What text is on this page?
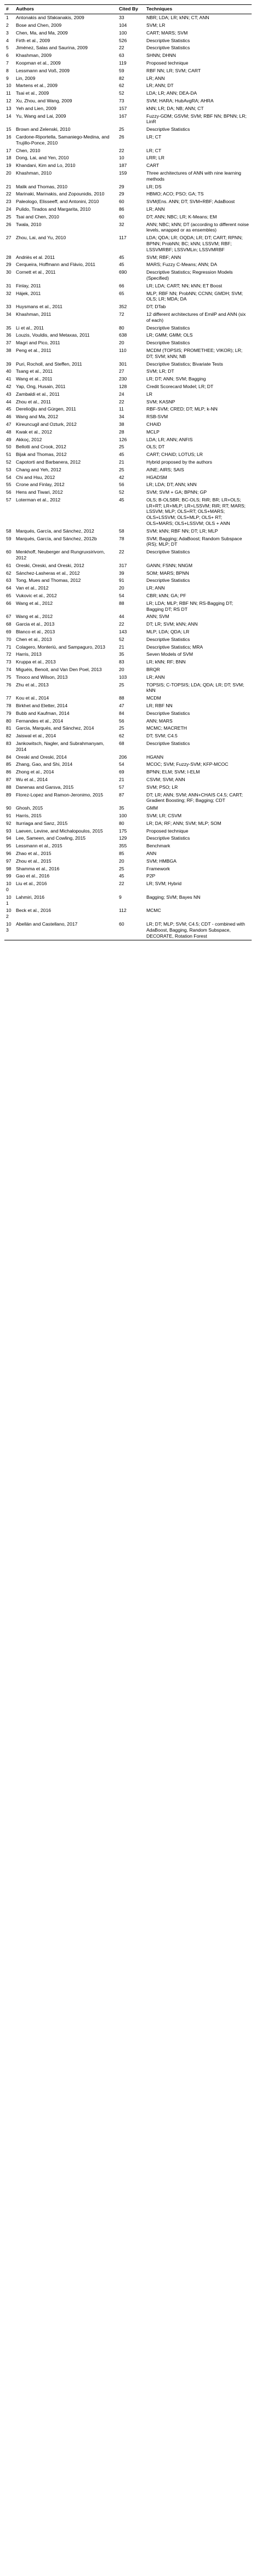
#	Authors	Cited By	Techniques
1	Antonakis and Sfakianakis, 2009	33	NBR; LDA; LR; kNN; CT; ANN
2	Bose and Chen, 2009	104	SVM; LR
3	Chen, Ma, and Ma, 2009	100	CART; MARS; SVM
4	Firth et al., 2009	526	Descriptive Statistics
5	Jiménez, Salas and Saurina, 2009	22	Descriptive Statistics
6	Khashman, 2009	63	SHNN; DHNN
7	Koopman et al., 2009	119	Proposed technique
8	Lessmann and Voß, 2009	59	RBF NN; LR; SVM; CART
9	Lin, 2009	82	LR; ANN
10	Martens et al., 2009	62	LR; ANN; DT
11	Tsai et al., 2009	52	LDA; LR; ANN; DEA-DA
12	Xu, Zhou, and Wang, 2009	73	SVM; HARA; HubAvgRA; AHRA
13	Yeh and Lien, 2009	157	kNN; LR; DA; NB; ANN; CT
14	Yu, Wang and Lai, 2009	167	Fuzzy-GDM; GSVM; SVM; RBF NN; BPNN; LR; LinR
15	Brown and Zelenski, 2010	25	Descriptive Statistics
16	Cardone-Riportella, Samaniego-Medina, and Trujillo-Ponce, 2010	26	LR; CT
17	Chen, 2010	22	LR; CT
18	Dong, Lai, and Yen, 2010	10	LRR; LR
19	Khandani, Kim and Lo, 2010	187	CART
20	Khashman, 2010	159	Three architectures of ANN with nine learning methods
21	Malik and Thomas, 2010	29	LR; DS
22	Marinaki, Marinakis, and Zopounidis, 2010	29	HBMO; ACO; PSO; GA; TS
23	Paleologo, Elisseeff, and Antonini, 2010	60	SVM(Ens. ANN; DT; SVM+RBF; AdaBoost
24	Pulido, Tirados and Margarita, 2010	86	LR; ANN
25	Tsai and Chen, 2010	60	DT; ANN; NBC; LR; K-Means; EM
26	Twala, 2010	32	ANN; NBC; kNN; DT (according to different noise levels, wrapped or as ensembles)
27	Zhou, Lai, and Yu, 2010	117	LDA; QDA; LR; OQDA; LR; DT; CART; RPNN; BPNN; ProbNN; BC; kNN; LSSVM; RBF; LSSVMRBF; LSSVMLin; LSSVMRBF
28	Andriès et al. 2011	45	SVM; RBF; ANN
29	Cerqueira, Hoffmann and Flávio, 2011	45	MARS; Fuzzy C-Means; ANN; DA
30	Cornett et al., 2011	690	Descriptive Statistics; Regression Models (Specified)
31	Finlay, 2011	66	LR; LDA; CART; NN; kNN; ET Boost
32	Hájek, 2011	65	MLP; RBF NN; ProbNN; CCNN; GMDH; SVM; OLS; LR; MDA; DA
33	Huysmans et al., 2011	352	DT; DTab
34	Khashman, 2011	72	12 different architectures of EmilP and ANN (six of each)
35	Li et al., 2011	80	Descriptive Statistics
36	Louzis, Vouldis, and Metaxas, 2011	638	LR; GMM; GMM; OLS
37	Magri and Pico, 2011	20	Descriptive Statistics
38	Peng et al., 2011	110	MCDM (TOPSIS; PROMETHEE; VIKOR); LR; DT; SVM; kNN; NB
39	Puri, Rocholl, and Steffen, 2011	301	Descriptive Statistics; Bivariate Tests
40	Tsang et al., 2011	27	SVM; LR; DT
41	Wang et al., 2011	230	LR; DT; ANN; SVM; Bagging
42	Yap, Ong, Husain, 2011	128	Credit Scorecard Model; LR; DT
43	Zambaldi et al., 2011	24	LR
44	Zhou et al., 2011	22	SVM; KASNP
45	Derelioğlu and Gürgen, 2011	11	RBF-SVM; CRED; DT; MLP; k-NN
46	Wang and Ma, 2012	34	RSB-SVM
47	Kireuncugil and Ozturk, 2012	38	CHAID
48	Kwak et al., 2012	28	MCLP
49	Akkoç, 2012	126	LDA; LR; ANN; ANFIS
50	Bellotti and Crook, 2012	25	OLS; DT
51	Bijak and Thomas, 2012	45	CART; CHAID; LOTUS; LR
52	Capotorti and Barbanera, 2012	21	Hybrid proposed by the authors
53	Chang and Yeh, 2012	25	AINE; AIRS; SAIS
54	Chi and Hsu, 2012	42	HGADSM
55	Crone and Finlay, 2012	56	LR; LDA; DT; ANN; kNN
56	Hens and Tiwari, 2012	52	SVM; SVM + GA; BPNN; GP
57	Loterman et al., 2012	45	OLS; B-OLSBR; BC-OLS; RiR; BR; LR+OLS; LR+RT; LR+MLP; LR+LSSVM; RiR; RT; MARS; LSSVM; MLP; OLS+RT; OLS+MARS; OLS+LSSVM; OLS+MLP; OLS+ RT; OLS+MARS; OLS+LSSVM; OLS + ANN
58	Marqués, García, and Sánchez, 2012	58	SVM; kNN; RBF NN; DT; LR; MLP
59	Marqués, García, and Sánchez, 2012b	78	SVM; Bagging; AdaBoost; Random Subspace (RS); MLP; DT
60	Menkhoff, Neuberger and Rungruxsirivorn, 2012	22	Descriptive Statistics
61	Oreski, Oreski, and Oreski, 2012	317	GANN; FSNN; NNGM
62	Sánchez-Lasheras et al., 2012	39	SOM; MARS; BPNN
63	Tong, Mues and Thomas, 2012	91	Descriptive Statistics
64	Van et al., 2012	20	LR; ANN
65	Vukovic et al., 2012	54	CBR; kNN; GA; PF
66	Wang et al., 2012	88	LR; LDA; MLP; RBF NN; RS-Bagging DT; Bagging DT; RS DT
67	Wang et al., 2012	44	ANN; SVM
68	Garcia et al., 2013	22	DT; LR; SVM; kNN; ANN
69	Blanco et al., 2013	143	MLP; LDA; QDA; LR
70	Chen et al., 2013	52	Descriptive Statistics
71	Colagero, Monteriù, and Sampaguro, 2013	21	Descriptive Statistics; MRA
72	Harris, 2013	35	Seven Models of SVM
73	Kruppa et al., 2013	83	LR; kNN; RF; BNN
74	Miguéis, Benoit, and Van Den Poel, 2013	20	BRQR
75	Tinoco and Wilson, 2013	103	LR; ANN
76	Zhu et al., 2013	25	TOPSIS; C-TOPSIS; LDA; QDA; LR; DT; SVM; kNN
77	Kou et al., 2014	88	MCDM
78	Birkhet and Eletter, 2014	47	LR; RBF NN
79	Bubb and Kaufman, 2014	84	Descriptive Statistics
80	Fernandes et al., 2014	56	ANN; MARS
81	Garcia, Marqués, and Sánchez, 2014	25	MCMC; MACRETH
82	Jaiswal et al., 2014	62	DT; SVM; C4.5
83	Jankowitsch, Nagler, and Subrahmanyam, 2014	68	Descriptive Statistics
84	Oreski and Oreski, 2014	206	HGANN
85	Zhang, Gao, and Shi, 2014	54	MCOC; SVM; Fuzzy-SVM; KFP-MCOC
86	Zhong et al., 2014	69	BPNN; ELM; SVM; I-ELM
87	Wu et al., 2014	21	CSVM; SVM; ANN
88	Danenas and Garsva, 2015	57	SVM; PSO; LR
89	Florez-Lopez and Ramon-Jeronimo, 2015	87	DT; LR; ANN; SVM; ANN+CHAIS C4.5; CART; Gradient Boosting; RF; Bagging; CDT
90	Ghosh, 2015	35	GMM
91	Harris, 2015	100	SVM; LR; CSVM
92	Iturriaga and Sanz, 2015	80	LR; DA; RF; ANN; SVM; MLP; SOM
93	Laeven, Levine, and Michalopoulos, 2015	175	Proposed technique
94	Lee, Sameen, and Cowling, 2015	129	Descriptive Statistics
95	Lessmann et al., 2015	355	Benchmark
96	Zhao et al., 2015	85	ANN
97	Zhou et al., 2015	20	SVM; HMBGA
98	Shamma et al., 2016	25	Framework
99	Gao et al., 2016	45	P2P
100	Liu et al., 2016	22	LR; SVM; Hybrid
101	Lahmiri, 2016	9	Bagging; SVM; Bayes NN
102	Beck et al., 2016	112	MCMC
103	Abellán and Castellano, 2017	60	LR; DT; MLP; SVM; C4.5; CDT - combined with AdaBoost, Bagging, Random Subspace, DECORATE, Rotation Forest
